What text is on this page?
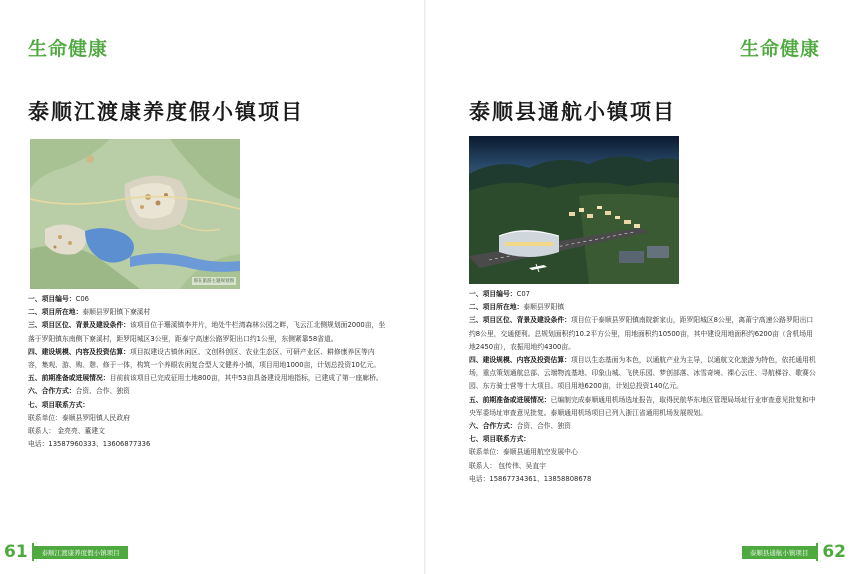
生命健康
泰顺江渡康养度假小镇项目
那在旅游主题规划图
一、项目编号：C06
二、项目所在地：泰顺县罗阳镇下寮溪村
三、项目区位、背景及建设条件：该项目位于珊溪镇李井片，地处牛栏湾森林公园之畔，飞云江北侧规划面2000亩，坐落于罗阳镇东南侧下寮溪村，距罗阳城区3公里，距泰宁高速公路罗阳出口约1公里，东侧紧靠58省道。
四、建设规模、内容及投资估算：项目拟建设古镇休闲区、文创科创区、农业生态区、可研产业区、耕修康养区等内容，集观、游、购、憩、修于一体，构筑一个养眼农闲复合型人文健养小镇，项目用地1000亩，计划总投资10亿元。
五、前期准备或进展情况：目前前该项目已完成征用土地800亩，其中53亩具备建设用地指标，已建成了第一座廊桥。
六、合作方式：合资、合作、独资
七、项目联系方式：
联系单位：泰顺县罗阳镇人民政府
联系人： 金亮亮、董建文
电话：13587960333、13606877336
61	泰顺江渡康养度假小镇项目
生命健康
泰顺县通航小镇项目
一、项目编号：C07
二、项目所在地：泰顺县罗阳镇
三、项目区位、背景及建设条件：项目位于泰顺县罗阳镇南院新家山，距罗阳城区8公里，离莆宁高速公路罗阳出口约8公里，交通便利。总规划面积约10.2平方公里，用地面积约10500亩，其中建设用地面积约6200亩（含机场用地2450亩），农振用地约4300亩。
四、建设规模、内容及投资估算：项目以生态基面为本色，以通航产业为主导，以通航文化旅游为特色，依托通用机场，重点策划通航总部、云端物流基地、印象山城、飞侠乐园、梦创部落、冰雪奇境、裸心云庄、寻航梯谷、歌赛公园、东方骑士营等十大项目。项目用地6200亩，计划总投资140亿元。
五、前期准备或进展情况：已编制完成泰顺通用机场选址报告，取得民航华东地区管理局场址行业审查意见批复和中央军委场址审查意见批复。泰顺通用机场项目已列入浙江省通用机场发展规划。
六、合作方式：合资、合作、独资
七、项目联系方式：
联系单位：泰顺县通用航空发展中心
联系人： 包传伟、吴直宇
电话：15867734361、13858808678
泰顺县通航小镇项目 62
